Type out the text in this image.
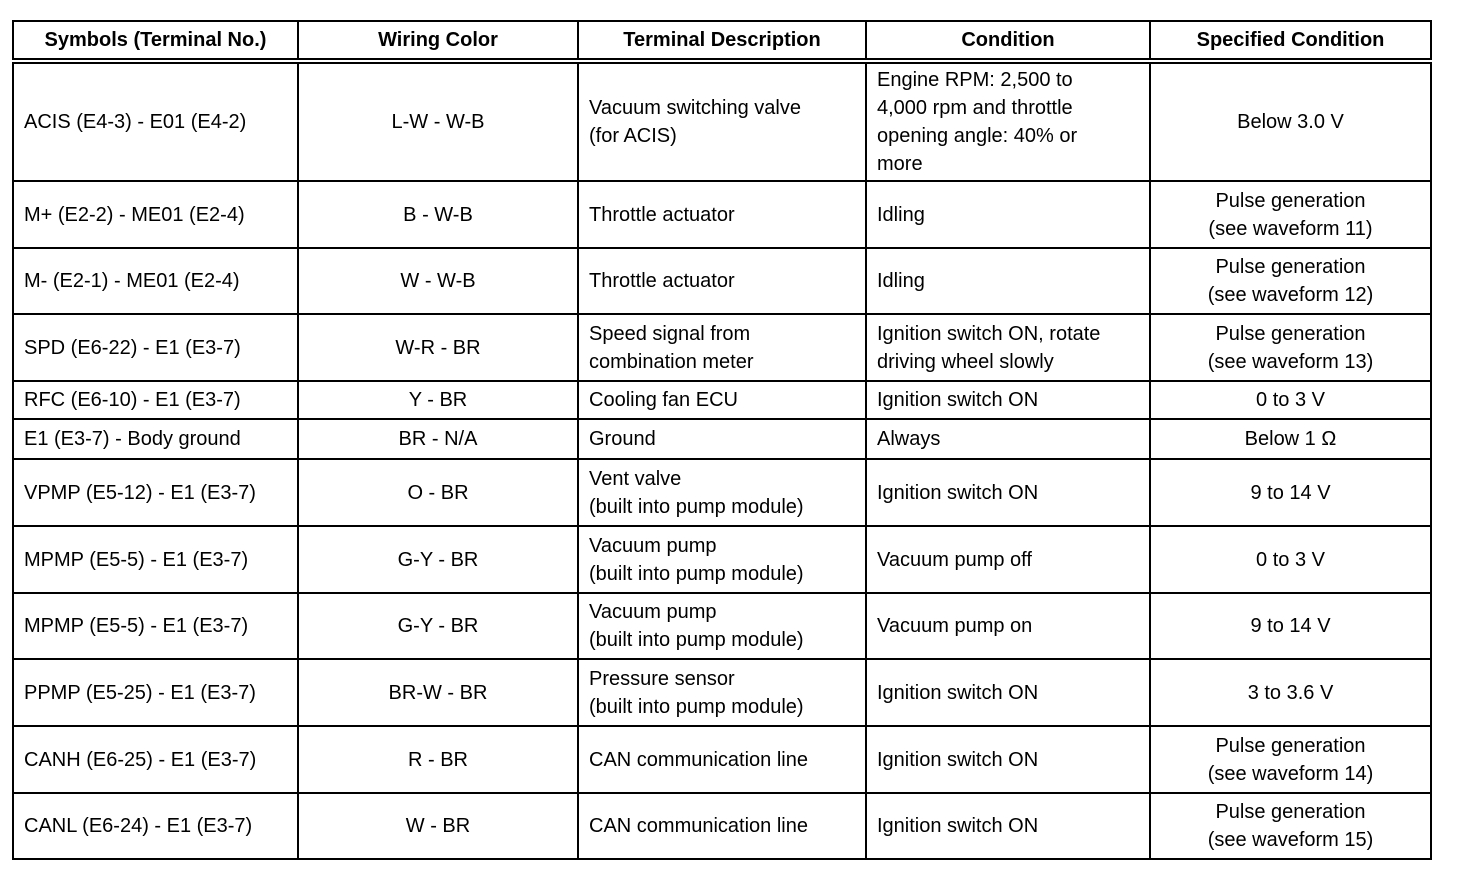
Symbols (Terminal No.)	Wiring Color	Terminal Description	Condition	Specified Condition
ACIS (E4-3) - E01 (E4-2)	L-W - W-B	Vacuum switching valve
(for ACIS)	Engine RPM: 2,500 to
4,000 rpm and throttle
opening angle: 40% or
more	Below 3.0 V

M+ (E2-2) - ME01 (E2-4)	B - W-B	Throttle actuator	Idling	Pulse generation
(see waveform 11)

M- (E2-1) - ME01 (E2-4)	W - W-B	Throttle actuator	Idling	Pulse generation
(see waveform 12)

SPD (E6-22) - E1 (E3-7)	W-R - BR	Speed signal from
combination meter	Ignition switch ON, rotate
driving wheel slowly	Pulse generation
(see waveform 13)

RFC (E6-10) - E1 (E3-7)	Y - BR	Cooling fan ECU	Ignition switch ON	0 to 3 V

E1 (E3-7) - Body ground	BR - N/A	Ground	Always	Below 1 Ω

VPMP (E5-12) - E1 (E3-7)	O - BR	Vent valve
(built into pump module)	Ignition switch ON	9 to 14 V

MPMP (E5-5) - E1 (E3-7)	G-Y - BR	Vacuum pump
(built into pump module)	Vacuum pump off	0 to 3 V

MPMP (E5-5) - E1 (E3-7)	G-Y - BR	Vacuum pump
(built into pump module)	Vacuum pump on	9 to 14 V

PPMP (E5-25) - E1 (E3-7)	BR-W - BR	Pressure sensor
(built into pump module)	Ignition switch ON	3 to 3.6 V

CANH (E6-25) - E1 (E3-7)	R - BR	CAN communication line	Ignition switch ON	Pulse generation
(see waveform 14)

CANL (E6-24) - E1 (E3-7)	W - BR	CAN communication line	Ignition switch ON	Pulse generation
(see waveform 15)
